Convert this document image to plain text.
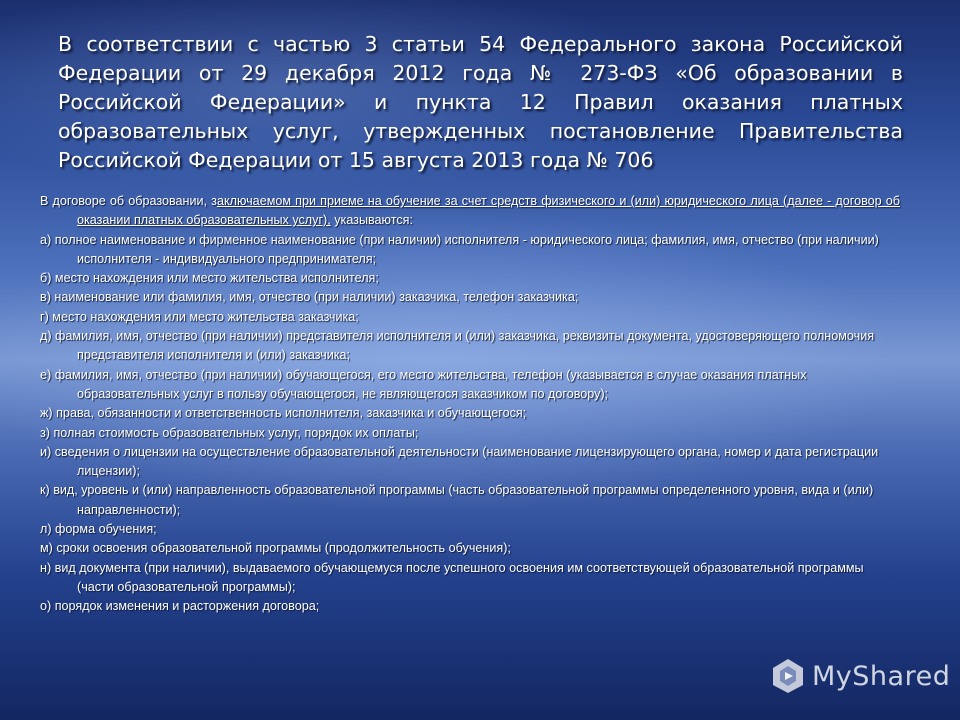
В соответствии с частью 3 статьи 54 Федерального закона Российской Федерации от 29 декабря 2012 года № 273-ФЗ «Об образовании в Российской Федерации» и пункта 12 Правил оказания платных образовательных услуг, утвержденных постановление Правительства Российской Федерации от 15 августа 2013 года № 706

В договоре об образовании, заключаемом при приеме на обучение за счет средств физического и (или) юридического лица (далее - договор об оказании платных образовательных услуг), указываются:

а) полное наименование и фирменное наименование (при наличии) исполнителя - юридического лица; фамилия, имя, отчество (при наличии) исполнителя - индивидуального предпринимателя;

б) место нахождения или место жительства исполнителя;

в) наименование или фамилия, имя, отчество (при наличии) заказчика, телефон заказчика;

г) место нахождения или место жительства заказчика;

д) фамилия, имя, отчество (при наличии) представителя исполнителя и (или) заказчика, реквизиты документа, удостоверяющего полномочия представителя исполнителя и (или) заказчика;

е) фамилия, имя, отчество (при наличии) обучающегося, его место жительства, телефон (указывается в случае оказания платных образовательных услуг в пользу обучающегося, не являющегося заказчиком по договору);

ж) права, обязанности и ответственность исполнителя, заказчика и обучающегося;

з) полная стоимость образовательных услуг, порядок их оплаты;

и) сведения о лицензии на осуществление образовательной деятельности (наименование лицензирующего органа, номер и дата регистрации лицензии);

к) вид, уровень и (или) направленность образовательной программы (часть образовательной программы определенного уровня, вида и (или) направленности);

л) форма обучения;

м) сроки освоения образовательной программы (продолжительность обучения);

н) вид документа (при наличии), выдаваемого обучающемуся после успешного освоения им соответствующей образовательной программы (части образовательной программы);

о) порядок изменения и расторжения договора;

MyShared
